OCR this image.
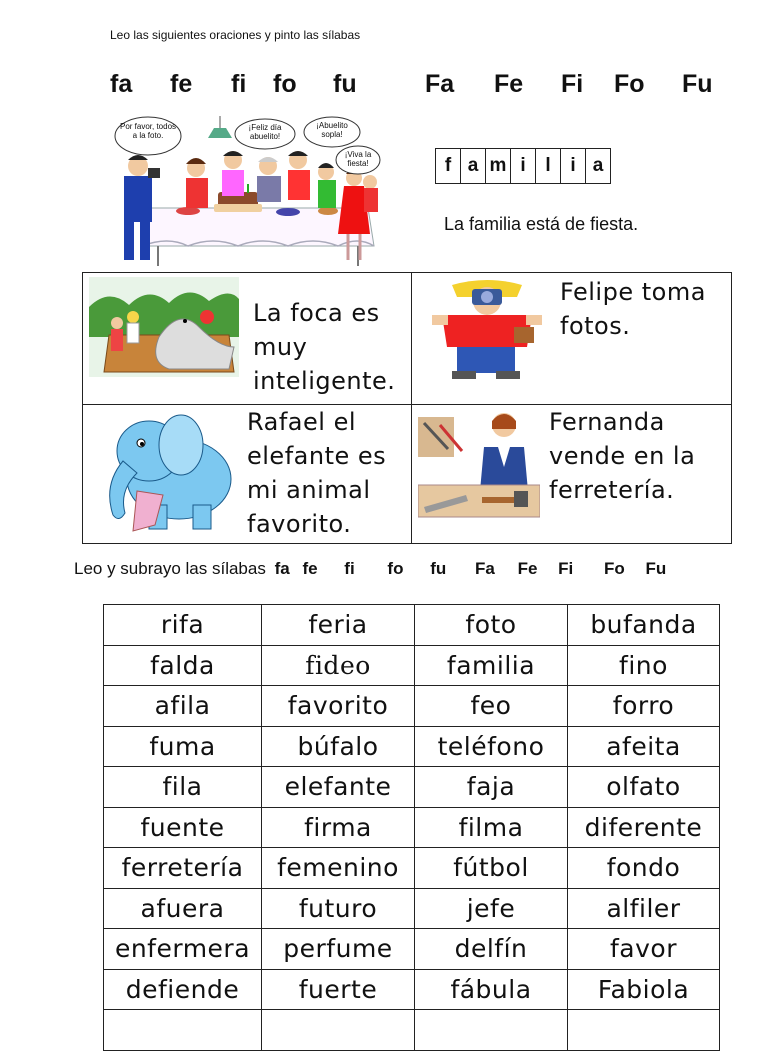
Leo las siguientes oraciones y pinto las sílabas
fa fe fi fo fu	Fa Fe Fi Fo Fu
Por favor, todos a la foto.
¡Feliz día abuelito!
¡Abuelito sopla!
¡Viva la fiesta!	f a m i	l	i a
La familia está de fiesta.
La foca es muy inteligente.
Felipe toma fotos.
Rafael el elefante es mi animal favorito.
Fernanda vende en la ferretería.
Leo y subrayo las sílabas fa fe fi fo fu Fa Fe Fi Fo Fu
rifa	feria	foto	bufanda
falda	fideo	familia	fino
afila	favorito	feo	forro
fuma	búfalo	teléfono	afeita
fila	elefante	faja	olfato
fuente	firma	filma	diferente
ferretería	femenino	fútbol	fondo
afuera	futuro	jefe	alfiler
enfermera	perfume	delfín	favor
defiende	fuerte	fábula	Fabiola
